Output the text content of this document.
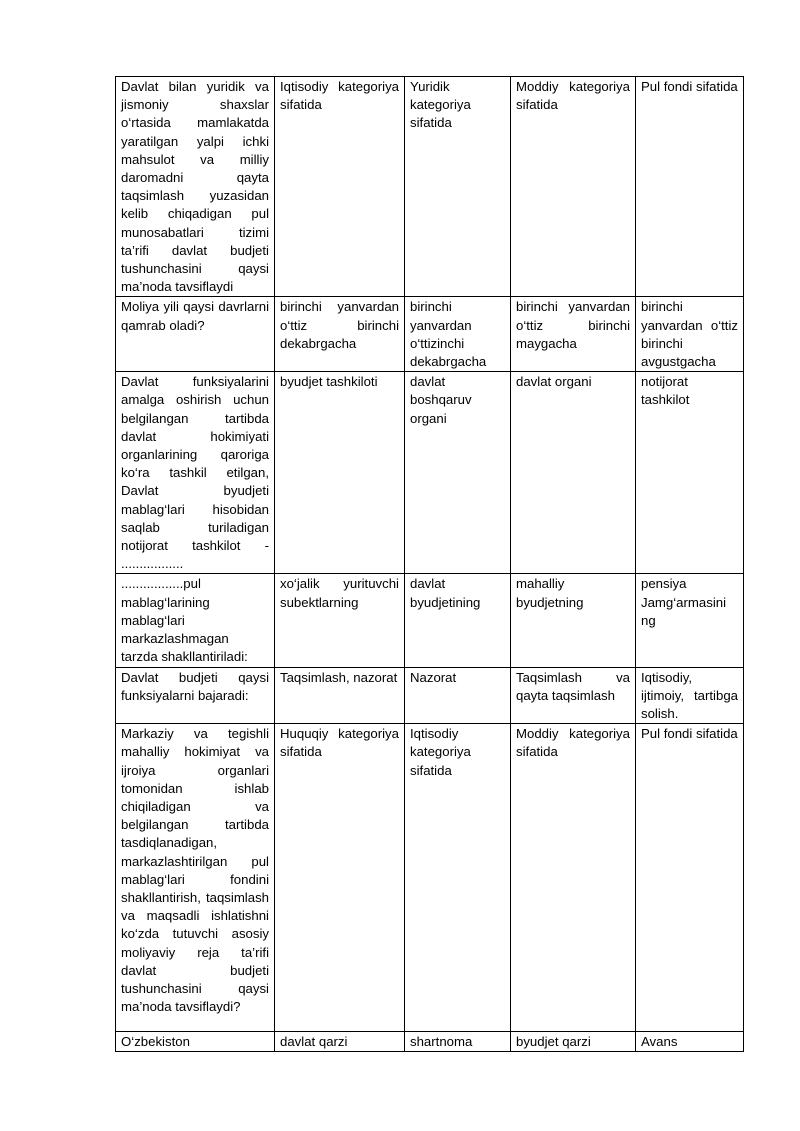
Davlat bilan yuridik va jismoniy shaxslar o‘rtasida mamlakatda yaratilgan yalpi ichki mahsulot va milliy daromadni qayta taqsimlash yuzasidan kelib chiqadigan pul munosabatlari tizimi ta’rifi davlat budjeti tushunchasini qaysi ma’noda tavsiflaydi	Iqtisodiy kategoriya sifatida	Yuridik kategoriya sifatida	Moddiy kategoriya sifatida	Pul fondi sifatida
Moliya yili qaysi davrlarni qamrab oladi?	birinchi yanvardan o‘ttiz birinchi dekabrgacha	birinchi yanvardan o‘ttizinchi dekabrgacha	birinchi yanvardan o‘ttiz birinchi maygacha	birinchi yanvardan o‘ttiz birinchi avgustgacha
Davlat funksiyalarini amalga oshirish uchun belgilangan tartibda davlat hokimiyati organlarining qaroriga ko‘ra tashkil etilgan, Davlat byudjeti mablag‘lari hisobidan saqlab turiladigan notijorat tashkilot - .................	byudjet tashkiloti	davlat boshqaruv organi	davlat organi	notijorat tashkilot
.................pul mablag‘larining mablag‘lari markazlashmagan tarzda shakllantiriladi:	xo‘jalik yurituvchi subektlarning	davlat byudjetining	mahalliy byudjetning	pensiya Jamg‘armasini ng
Davlat budjeti qaysi funksiyalarni bajaradi:	Taqsimlash, nazorat	Nazorat	Taqsimlash va qayta taqsimlash	Iqtisodiy, ijtimoiy, tartibga solish.
Markaziy va tegishli mahalliy hokimiyat va ijroiya organlari tomonidan ishlab chiqiladigan va belgilangan tartibda tasdiqlanadigan, markazlashtirilgan pul mablag‘lari fondini shakllantirish, taqsimlash va maqsadli ishlatishni ko‘zda tutuvchi asosiy moliyaviy reja ta’rifi davlat budjeti tushunchasini qaysi ma’noda tavsiflaydi?	Huquqiy kategoriya sifatida	Iqtisodiy kategoriya sifatida	Moddiy kategoriya sifatida	Pul fondi sifatida
O‘zbekiston	davlat qarzi	shartnoma	byudjet qarzi	Avans
